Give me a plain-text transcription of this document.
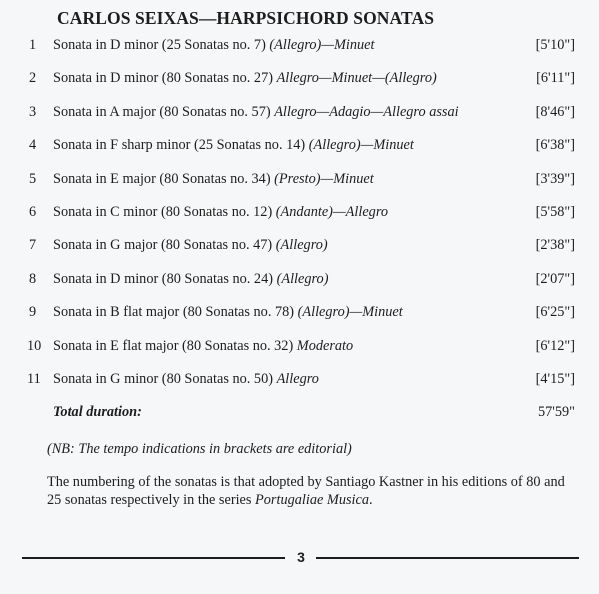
CARLOS SEIXAS—HARPSICHORD SONATAS
1 Sonata in D minor (25 Sonatas no. 7) (Allegro)—Minuet	[5'10"]
2 Sonata in D minor (80 Sonatas no. 27) Allegro—Minuet—(Allegro)	[6'11"]
3 Sonata in A major (80 Sonatas no. 57) Allegro—Adagio—Allegro assai	[8'46"]
4 Sonata in F sharp minor (25 Sonatas no. 14) (Allegro)—Minuet	[6'38"]
5 Sonata in E major (80 Sonatas no. 34) (Presto)—Minuet	[3'39"]
6 Sonata in C minor (80 Sonatas no. 12) (Andante)—Allegro	[5'58"]
7 Sonata in G major (80 Sonatas no. 47) (Allegro)	[2'38"]
8 Sonata in D minor (80 Sonatas no. 24) (Allegro)	[2'07"]
9 Sonata in B flat major (80 Sonatas no. 78) (Allegro)—Minuet	[6'25"]
10 Sonata in E flat major (80 Sonatas no. 32) Moderato	[6'12"]
11 Sonata in G minor (80 Sonatas no. 50) Allegro	[4'15"]
Total duration:	57'59"
(NB: The tempo indications in brackets are editorial)
The numbering of the sonatas is that adopted by Santiago Kastner in his editions of 80 and 25 sonatas respectively in the series Portugaliae Musica.
3
